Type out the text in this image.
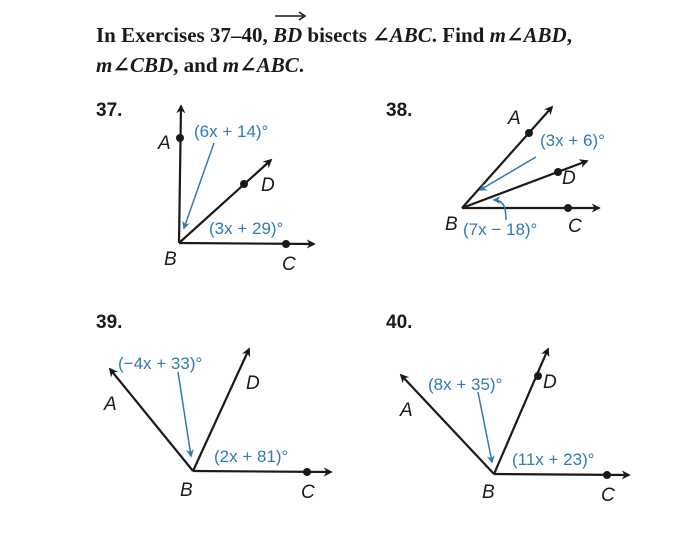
In Exercises 37–40, BD
bisects ∠ABC. Find m∠ABD,
m∠CBD, and m∠ABC.
37.
A
D
B	C
(6x + 14)°
(3x + 29)°
38.	A
D
B	C
(3x + 6)°
(7x − 18)°
39.
A
D
B	C
(−4x + 33)°
(2x + 81)°
40.
A
D
B	C
(8x + 35)°
(11x + 23)°
